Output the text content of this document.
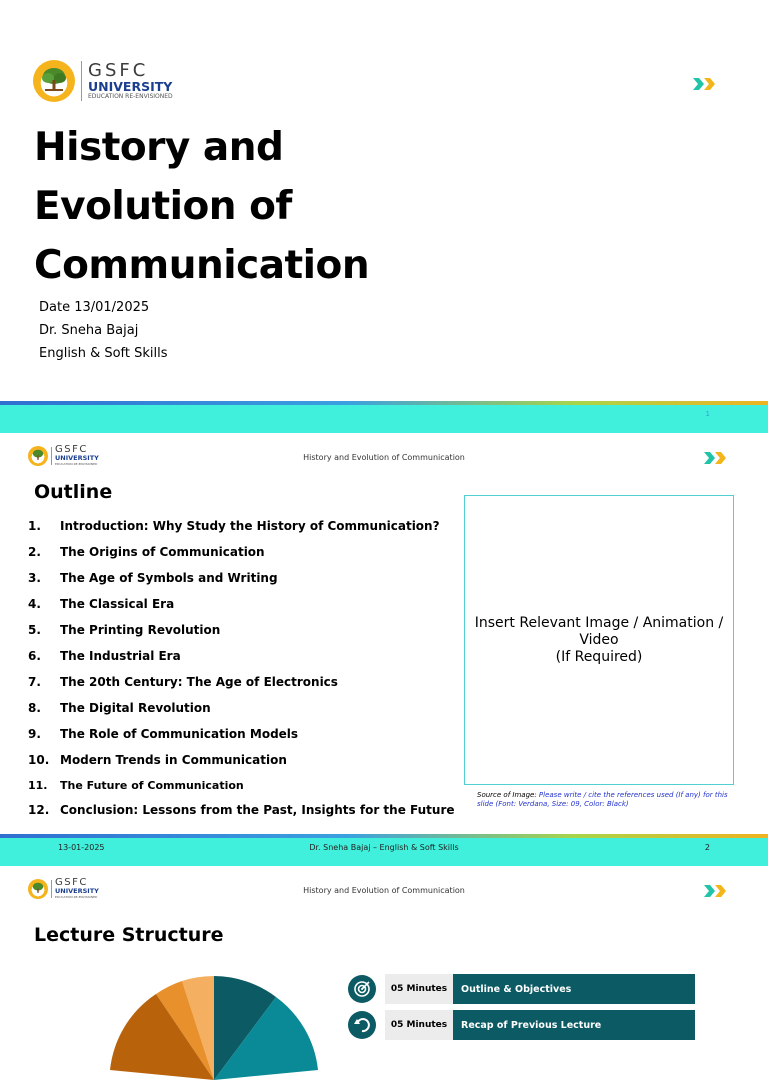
GSFC
UNIVERSITY
EDUCATION RE-ENVISIONED
History and
Evolution of
Communication
Date 13/01/2025
Dr. Sneha Bajaj
English & Soft Skills
1
GSFC
UNIVERSITY
EDUCATION RE-ENVISIONED
History and Evolution of Communication
Outline
1.	Introduction: Why Study the History of Communication?
2.	The Origins of Communication
3.	The Age of Symbols and Writing
4.	The Classical Era
5.	The Printing Revolution
6.	The Industrial Era
7.	The 20th Century: The Age of Electronics
8.	The Digital Revolution
9.	The Role of Communication Models
10. Modern Trends in Communication
11.	The Future of Communication
12. Conclusion: Lessons from the Past, Insights for the Future
Insert Relevant Image / Animation / Video
(If Required)
Source of Image: Please write / cite the references used (If any) for this slide (Font: Verdana, Size: 09, Color: Black)
13-01-2025	Dr. Sneha Bajaj – English & Soft Skills	2
GSFC
UNIVERSITY
EDUCATION RE-ENVISIONED
History and Evolution of Communication
Lecture Structure
05 Minutes	Outline & Objectives
05 Minutes	Recap of Previous Lecture
